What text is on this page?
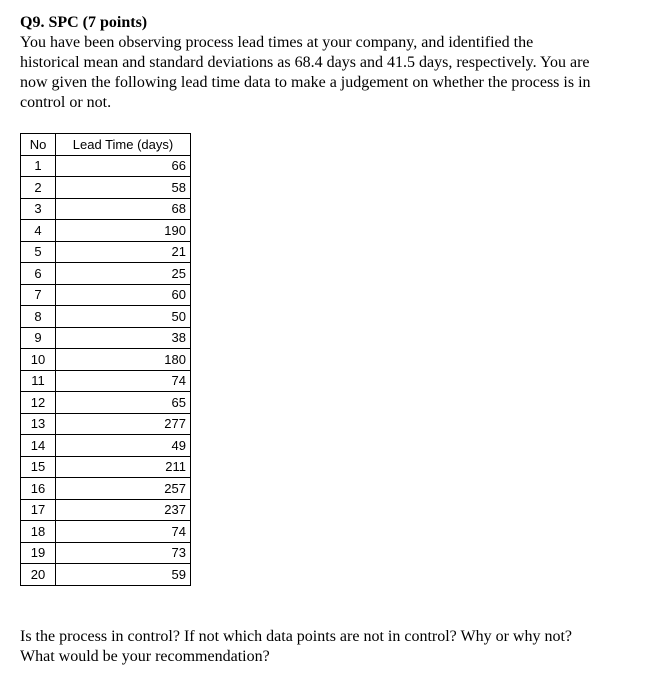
Q9. SPC (7 points)
You have been observing process lead times at your company, and identified the
historical mean and standard deviations as 68.4 days and 41.5 days, respectively. You are
now given the following lead time data to make a judgement on whether the process is in
control or not.
No	Lead Time (days)
1	66
2	58
3	68
4	190
5	21
6	25
7	60
8	50
9	38
10	180
11	74
12	65
13	277
14	49
15	211
16	257
17	237
18	74
19	73
20	59
Is the process in control? If not which data points are not in control? Why or why not?
What would be your recommendation?
